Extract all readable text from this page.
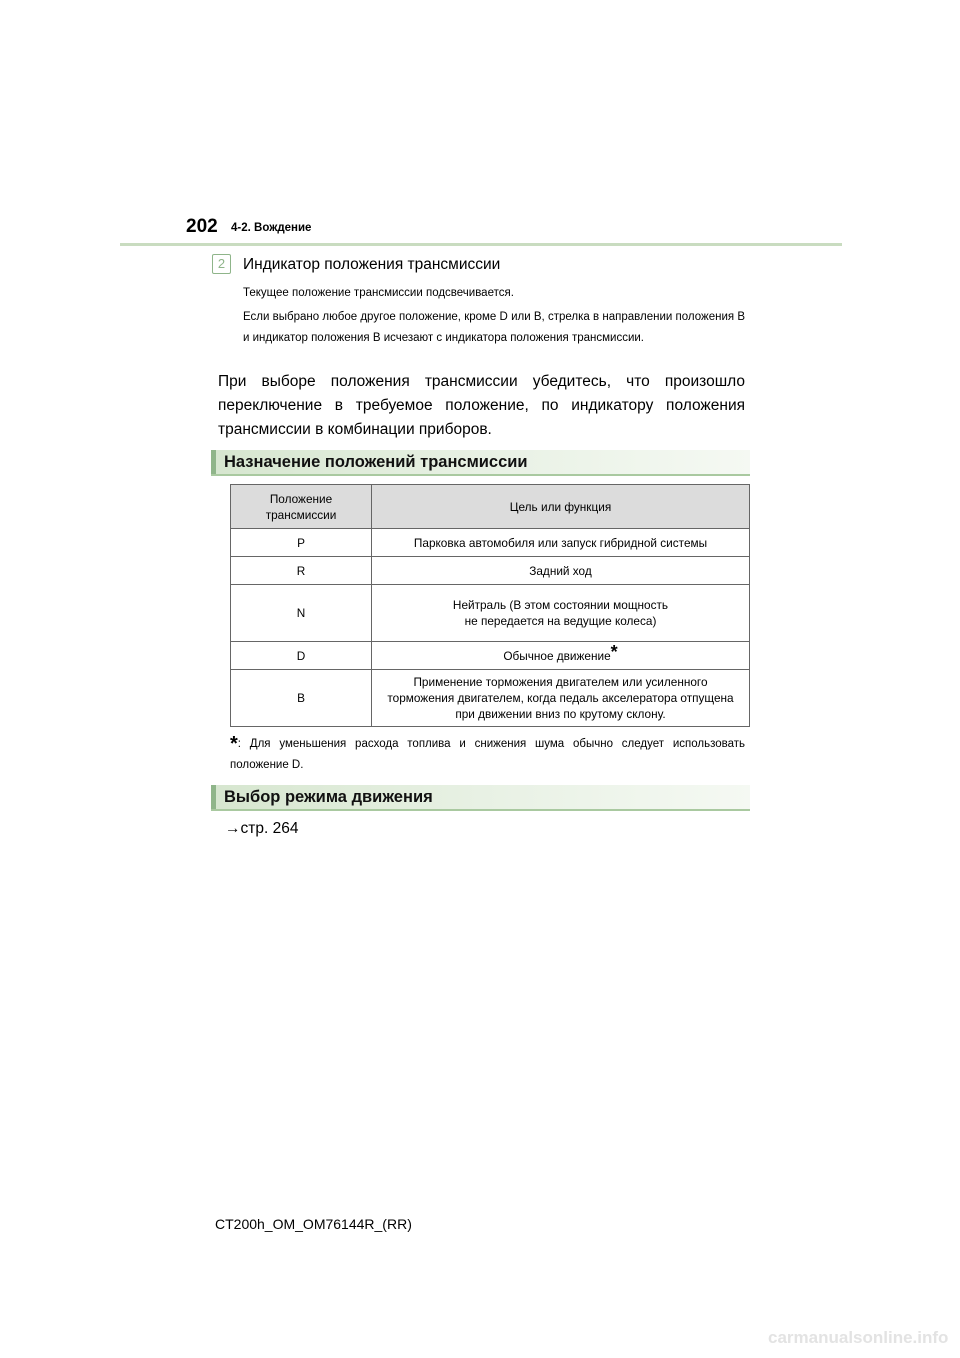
202 4-2. Вождение
2	Индикатор положения трансмиссии
Текущее положение трансмиссии подсвечивается.
Если выбрано любое другое положение, кроме D или B, стрелка в направлении положения B и индикатор положения B исчезают с индикатора положения трансмиссии.
При выборе положения трансмиссии убедитесь, что произошло переключение в требуемое положение, по индикатору положения трансмиссии в комбинации приборов.
Назначение положений трансмиссии
Положение трансмиссии	Цель или функция
P	Парковка автомобиля или запуск гибридной системы
R	Задний ход
N	Нейтраль (В этом состоянии мощность не передается на ведущие колеса)
D	Обычное движение*
B	Применение торможения двигателем или усиленного торможения двигателем, когда педаль акселератора отпущена при движении вниз по крутому склону.
*: Для уменьшения расхода топлива и снижения шума обычно следует использовать положение D.
Выбор режима движения
→стр. 264
CT200h_OM_OM76144R_(RR)
carmanualsonline.info
